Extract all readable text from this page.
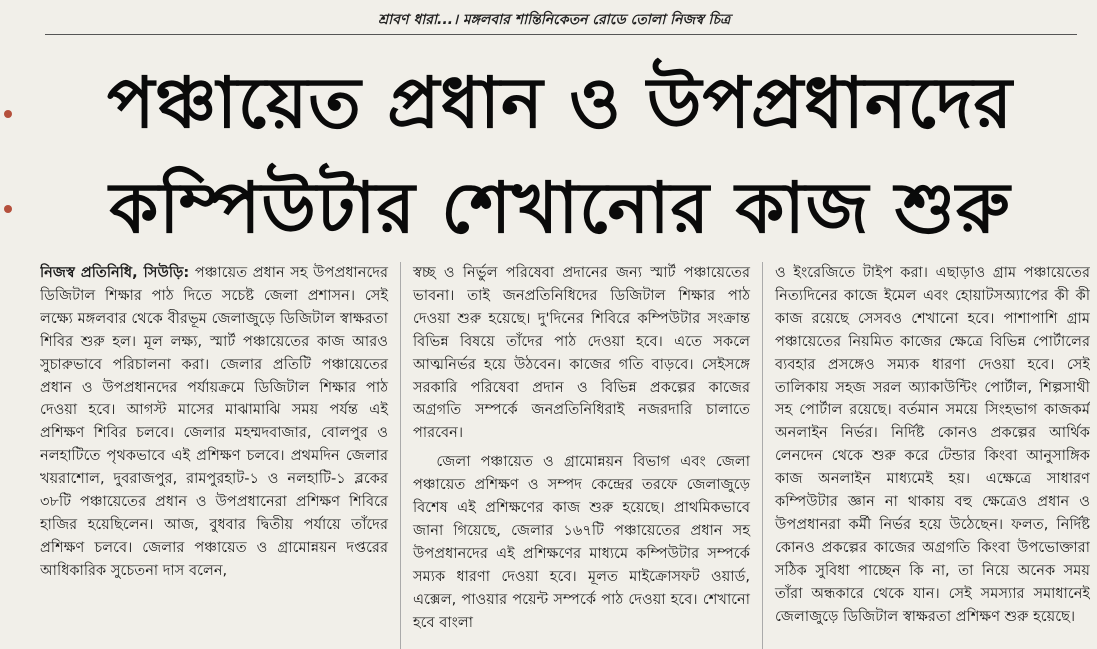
শ্রাবণ ধারা...। মঙ্গলবার শান্তিনিকেতন রোডে তোলা নিজস্ব চিত্র
পঞ্চায়েত প্রধান ও উপপ্রধানদের
কম্পিউটার শেখানোর কাজ শুরু

নিজস্ব প্রতিনিধি, সিউড়ি: পঞ্চায়েত প্রধান সহ উপপ্রধানদের ডিজিটাল শিক্ষার পাঠ দিতে সচেষ্ট জেলা প্রশাসন। সেই লক্ষ্যে মঙ্গলবার থেকে বীরভূম জেলাজুড়ে ডিজিটাল স্বাক্ষরতা শিবির শুরু হল। মূল লক্ষ্য, স্মার্ট পঞ্চায়েতের কাজ আরও সুচারুভাবে পরিচালনা করা। জেলার প্রতিটি পঞ্চায়েতের প্রধান ও উপপ্রধানদের পর্যায়ক্রমে ডিজিটাল শিক্ষার পাঠ দেওয়া হবে। আগস্ট মাসের মাঝামাঝি সময় পর্যন্ত এই প্রশিক্ষণ শিবির চলবে। জেলার মহম্মদবাজার, বোলপুর ও নলহাটিতে পৃথকভাবে এই প্রশিক্ষণ চলবে। প্রথমদিন জেলার খয়রাশোল, দুবরাজপুর, রামপুরহাট-১ ও নলহাটি-১ ব্লকের ৩৮টি পঞ্চায়েতের প্রধান ও উপপ্রধানেরা প্রশিক্ষণ শিবিরে হাজির হয়েছিলেন। আজ, বুধবার দ্বিতীয় পর্যায়ে তাঁদের প্রশিক্ষণ চলবে। জেলার পঞ্চায়েত ও গ্রামোন্নয়ন দপ্তরের আধিকারিক সুচেতনা দাস বলেন,

স্বচ্ছ ও নির্ভুল পরিষেবা প্রদানের জন্য স্মার্ট পঞ্চায়েতের ভাবনা। তাই জনপ্রতিনিধিদের ডিজিটাল শিক্ষার পাঠ দেওয়া শুরু হয়েছে। দু'দিনের শিবিরে কম্পিউটার সংক্রান্ত বিভিন্ন বিষয়ে তাঁদের পাঠ দেওয়া হবে। এতে সকলে আত্মনির্ভর হয়ে উঠবেন। কাজের গতি বাড়বে। সেইসঙ্গে সরকারি পরিষেবা প্রদান ও বিভিন্ন প্রকল্পের কাজের অগ্রগতি সম্পর্কে জনপ্রতিনিধিরাই নজরদারি চালাতে পারবেন।

জেলা পঞ্চায়েত ও গ্রামোন্নয়ন বিভাগ এবং জেলা পঞ্চায়েত প্রশিক্ষণ ও সম্পদ কেন্দ্রের তরফে জেলাজুড়ে বিশেষ এই প্রশিক্ষণের কাজ শুরু হয়েছে। প্রাথমিকভাবে জানা গিয়েছে, জেলার ১৬৭টি পঞ্চায়েতের প্রধান সহ উপপ্রধানদের এই প্রশিক্ষণের মাধ্যমে কম্পিউটার সম্পর্কে সম্যক ধারণা দেওয়া হবে। মূলত মাইক্রোসফট ওয়ার্ড, এক্সেল, পাওয়ার পয়েন্ট সম্পর্কে পাঠ দেওয়া হবে। শেখানো হবে বাংলা

ও ইংরেজিতে টাইপ করা। এছাড়াও গ্রাম পঞ্চায়েতের নিত্যদিনের কাজে ইমেল এবং হোয়াটসঅ্যাপের কী কী কাজ রয়েছে সেসবও শেখানো হবে। পাশাপাশি গ্রাম পঞ্চায়েতের নিয়মিত কাজের ক্ষেত্রে বিভিন্ন পোর্টালের ব্যবহার প্রসঙ্গেও সম্যক ধারণা দেওয়া হবে। সেই তালিকায় সহজ সরল অ্যাকাউন্টিং পোর্টাল, শিল্পসাথী সহ পোর্টাল রয়েছে। বর্তমান সময়ে সিংহভাগ কাজকর্ম অনলাইন নির্ভর। নির্দিষ্ট কোনও প্রকল্পের আর্থিক লেনদেন থেকে শুরু করে টেন্ডার কিংবা আনুসাঙ্গিক কাজ অনলাইন মাধ্যমেই হয়। এক্ষেত্রে সাধারণ কম্পিউটার জ্ঞান না থাকায় বহু ক্ষেত্রেও প্রধান ও উপপ্রধানরা কর্মী নির্ভর হয়ে উঠেছেন। ফলত, নির্দিষ্ট কোনও প্রকল্পের কাজের অগ্রগতি কিংবা উপভোক্তারা সঠিক সুবিধা পাচ্ছেন কি না, তা নিয়ে অনেক সময় তাঁরা অন্ধকারে থেকে যান। সেই সমস্যার সমাধানেই জেলাজুড়ে ডিজিটাল স্বাক্ষরতা প্রশিক্ষণ শুরু হয়েছে।
